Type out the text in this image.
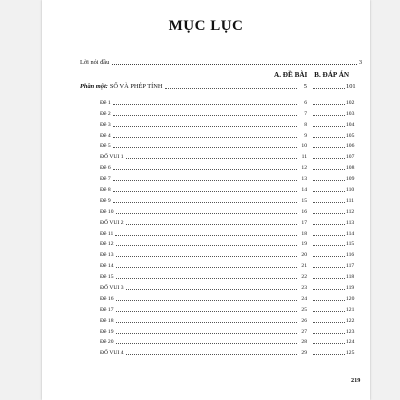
MỤC LỤC
Lời nói đầu	3
A. ĐỀ BÀI B. ĐÁP ÁN
Phần một: SỐ VÀ PHÉP TÍNH	5	101
Đề 1	6	102
Đề 2	7	103
Đề 3	8	104
Đề 4	9	105
Đề 5	10	106
ĐỐ VUI 1	11	107
Đề 6	12	108
Đề 7	13	109
Đề 8	14	110
Đề 9	15	111
Đề 10	16	112
ĐỐ VUI 2	17	113
Đề 11	18	114
Đề 12	19	115
Đề 13	20	116
Đề 14	21	117
Đề 15	22	118
ĐỐ VUI 3	23	119
Đề 16	24	120
Đề 17	25	121
Đề 18	26	122
Đề 19	27	123
Đề 20	28	124
ĐỐ VUI 4	29	125
219
